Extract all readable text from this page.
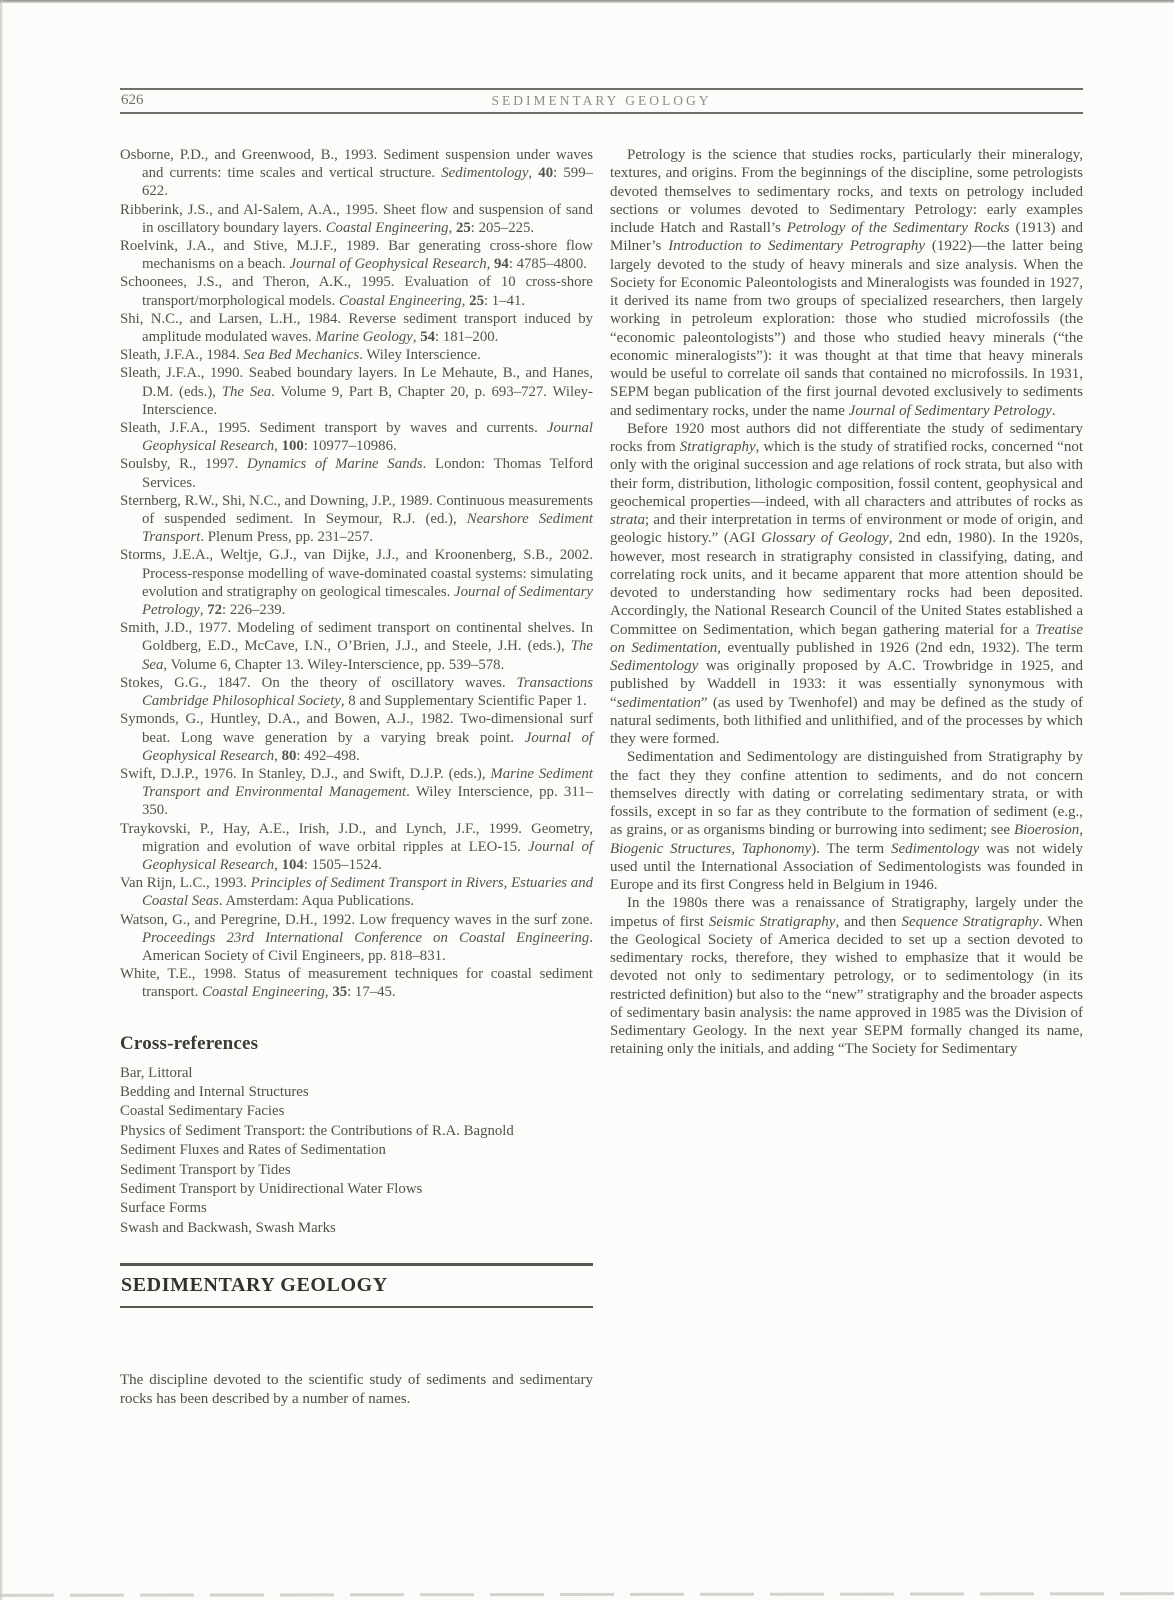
626	SEDIMENTARY GEOLOGY

Osborne, P.D., and Greenwood, B., 1993. Sediment suspension under waves and currents: time scales and vertical structure. Sedimentology, 40: 599–622.

Ribberink, J.S., and Al-Salem, A.A., 1995. Sheet flow and suspension of sand in oscillatory boundary layers. Coastal Engineering, 25: 205–225.

Roelvink, J.A., and Stive, M.J.F., 1989. Bar generating cross-shore flow mechanisms on a beach. Journal of Geophysical Research, 94: 4785–4800.

Schoonees, J.S., and Theron, A.K., 1995. Evaluation of 10 cross-shore transport/morphological models. Coastal Engineering, 25: 1–41.

Shi, N.C., and Larsen, L.H., 1984. Reverse sediment transport induced by amplitude modulated waves. Marine Geology, 54: 181–200.

Sleath, J.F.A., 1984. Sea Bed Mechanics. Wiley Interscience.

Sleath, J.F.A., 1990. Seabed boundary layers. In Le Mehaute, B., and Hanes, D.M. (eds.), The Sea. Volume 9, Part B, Chapter 20, p. 693–727. Wiley-Interscience.

Sleath, J.F.A., 1995. Sediment transport by waves and currents. Journal Geophysical Research, 100: 10977–10986.

Soulsby, R., 1997. Dynamics of Marine Sands. London: Thomas Telford Services.

Sternberg, R.W., Shi, N.C., and Downing, J.P., 1989. Continuous measurements of suspended sediment. In Seymour, R.J. (ed.), Nearshore Sediment Transport. Plenum Press, pp. 231–257.

Storms, J.E.A., Weltje, G.J., van Dijke, J.J., and Kroonenberg, S.B., 2002. Process-response modelling of wave-dominated coastal systems: simulating evolution and stratigraphy on geological timescales. Journal of Sedimentary Petrology, 72: 226–239.

Smith, J.D., 1977. Modeling of sediment transport on continental shelves. In Goldberg, E.D., McCave, I.N., O’Brien, J.J., and Steele, J.H. (eds.), The Sea, Volume 6, Chapter 13. Wiley-Interscience, pp. 539–578.

Stokes, G.G., 1847. On the theory of oscillatory waves. Transactions Cambridge Philosophical Society, 8 and Supplementary Scientific Paper 1.

Symonds, G., Huntley, D.A., and Bowen, A.J., 1982. Two-dimensional surf beat. Long wave generation by a varying break point. Journal of Geophysical Research, 80: 492–498.

Swift, D.J.P., 1976. In Stanley, D.J., and Swift, D.J.P. (eds.), Marine Sediment Transport and Environmental Management. Wiley Interscience, pp. 311–350.

Traykovski, P., Hay, A.E., Irish, J.D., and Lynch, J.F., 1999. Geometry, migration and evolution of wave orbital ripples at LEO-15. Journal of Geophysical Research, 104: 1505–1524.

Van Rijn, L.C., 1993. Principles of Sediment Transport in Rivers, Estuaries and Coastal Seas. Amsterdam: Aqua Publications.

Watson, G., and Peregrine, D.H., 1992. Low frequency waves in the surf zone. Proceedings 23rd International Conference on Coastal Engineering. American Society of Civil Engineers, pp. 818–831.

White, T.E., 1998. Status of measurement techniques for coastal sediment transport. Coastal Engineering, 35: 17–45.

Cross-references
Bar, Littoral
Bedding and Internal Structures
Coastal Sedimentary Facies
Physics of Sediment Transport: the Contributions of R.A. Bagnold
Sediment Fluxes and Rates of Sedimentation
Sediment Transport by Tides
Sediment Transport by Unidirectional Water Flows
Surface Forms
Swash and Backwash, Swash Marks
SEDIMENTARY GEOLOGY

The discipline devoted to the scientific study of sediments and sedimentary rocks has been described by a number of names.

Petrology is the science that studies rocks, particularly their mineralogy, textures, and origins. From the beginnings of the discipline, some petrologists devoted themselves to sedimentary rocks, and texts on petrology included sections or volumes devoted to Sedimentary Petrology: early examples include Hatch and Rastall’s Petrology of the Sedimentary Rocks (1913) and Milner’s Introduction to Sedimentary Petrography (1922)—the latter being largely devoted to the study of heavy minerals and size analysis. When the Society for Economic Paleontologists and Mineralogists was founded in 1927, it derived its name from two groups of specialized researchers, then largely working in petroleum exploration: those who studied microfossils (the “economic paleontologists”) and those who studied heavy minerals (“the economic mineralogists”): it was thought at that time that heavy minerals would be useful to correlate oil sands that contained no microfossils. In 1931, SEPM began publication of the first journal devoted exclusively to sediments and sedimentary rocks, under the name Journal of Sedimentary Petrology.

Before 1920 most authors did not differentiate the study of sedimentary rocks from Stratigraphy, which is the study of stratified rocks, concerned “not only with the original succession and age relations of rock strata, but also with their form, distribution, lithologic composition, fossil content, geophysical and geochemical properties—indeed, with all characters and attributes of rocks as strata; and their interpretation in terms of environment or mode of origin, and geologic history.” (AGI Glossary of Geology, 2nd edn, 1980). In the 1920s, however, most research in stratigraphy consisted in classifying, dating, and correlating rock units, and it became apparent that more attention should be devoted to understanding how sedimentary rocks had been deposited. Accordingly, the National Research Council of the United States established a Committee on Sedimentation, which began gathering material for a Treatise on Sedimentation, eventually published in 1926 (2nd edn, 1932). The term Sedimentology was originally proposed by A.C. Trowbridge in 1925, and published by Waddell in 1933: it was essentially synonymous with “sedimentation” (as used by Twenhofel) and may be defined as the study of natural sediments, both lithified and unlithified, and of the processes by which they were formed.

Sedimentation and Sedimentology are distinguished from Stratigraphy by the fact they they confine attention to sediments, and do not concern themselves directly with dating or correlating sedimentary strata, or with fossils, except in so far as they contribute to the formation of sediment (e.g., as grains, or as organisms binding or burrowing into sediment; see Bioerosion, Biogenic Structures, Taphonomy). The term Sedimentology was not widely used until the International Association of Sedimentologists was founded in Europe and its first Congress held in Belgium in 1946.

In the 1980s there was a renaissance of Stratigraphy, largely under the impetus of first Seismic Stratigraphy, and then Sequence Stratigraphy. When the Geological Society of America decided to set up a section devoted to sedimentary rocks, therefore, they wished to emphasize that it would be devoted not only to sedimentary petrology, or to sedimentology (in its restricted definition) but also to the “new” stratigraphy and the broader aspects of sedimentary basin analysis: the name approved in 1985 was the Division of Sedimentary Geology. In the next year SEPM formally changed its name, retaining only the initials, and adding “The Society for Sedimentary
